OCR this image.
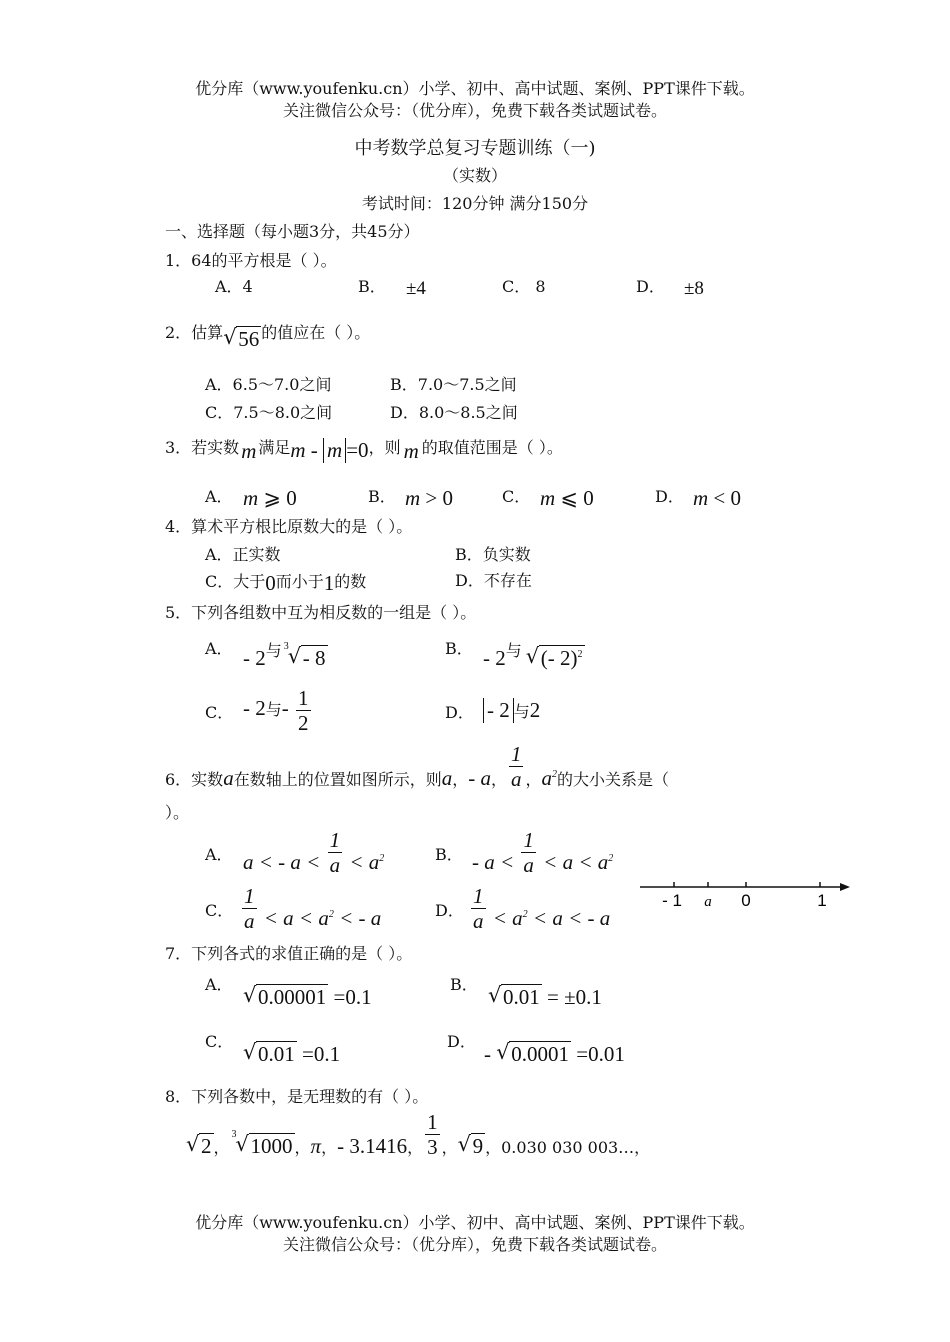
优分库（www.youfenku.cn）小学、初中、高中试题、案例、PPT课件下载。
关注微信公众号：（优分库），免费下载各类试题试卷。
中考数学总复习专题训练（一)
（实数）
考试时间：120分钟 满分150分
一、选择题（每小题3分，共45分）
1．64的平方根是（ ）。
A．4	B． ±4	C． 8	D． ±8
2．估算 √ 56 的值应在（ ）。
A．6.5～7.0之间	B．7.0～7.5之间
C．7.5～8.0之间	D．8.0～8.5之间
3．若实数m 满足m - m =0，则 m 的取值范围是（ ）。
A． m ⩾ 0	B． m > 0	C． m ⩽ 0	D． m < 0
4．算术平方根比原数大的是（ ）。
A．正实数	B．负实数
C．大于0而小于1的数	D．不存在
5．下列各组数中互为相反数的一组是（ ）。
A． - 2与 √ 3 - 8	B． - 2与 √ (- 2)$^2$
C． - 2与- $\frac{1}{2}$	D． - 2 与2
6．实数a在数轴上的位置如图所示，则a，- a， $\frac{1}{a}$ ，$a^2$的大小关系是（
）。
A． a < - $a < \frac{1}{a} < a^2$	B． - $a < \frac{1}{a} < a < a^2$
C． $\frac{1}{a} < a < a^2$ < - a	D． $\frac{1}{a} < a^2 < a$ < - a
- 1 a 0	1
7．下列各式的求值正确的是（ ）。
A．
√ 0.00001 =0.1
B．
√ 0.01 = ±0.1
C．
√ 0.01 =0.1
D．
- √ 0.0001 =0.01
8．下列各数中，是无理数的有（ ）。
√ 2 ，
√ 3 1000 ，π，- 3.1416， $\frac{1}{3}$ ， √ 9 ，0.030 030 003…，
优分库（www.youfenku.cn）小学、初中、高中试题、案例、PPT课件下载。
关注微信公众号：（优分库），免费下载各类试题试卷。
